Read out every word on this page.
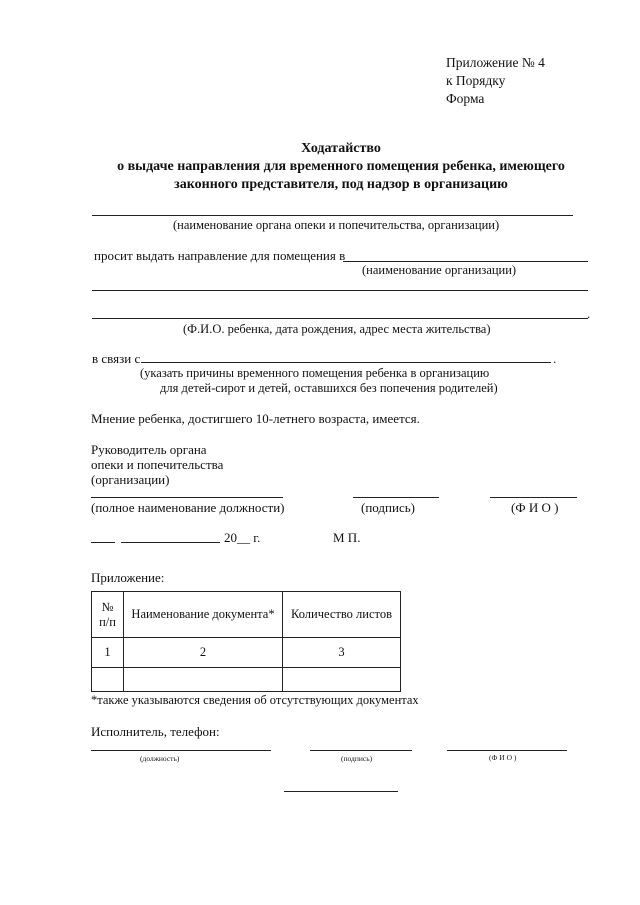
Приложение № 4
к Порядку
Форма
Ходатайство
о выдаче направления для временного помещения ребенка, имеющего
законного представителя, под надзор в организацию
(наименование органа опеки и попечительства, организации)
просит выдать направление для помещения в
(наименование организации)
.
(Ф.И.О. ребенка, дата рождения, адрес места жительства)
в связи с	.
(указать причины временного помещения ребенка в организацию
для детей-сирот и детей, оставшихся без попечения родителей)
Мнение ребенка, достигшего 10-летнего возраста, имеется.
Руководитель органа
опеки и попечительства
(организации)
(полное наименование должности)	(подпись)	(Ф И О )
20__ г.	М П.
Приложение:
№
п/п	Наименование документа*	Количество листов
1	2	3

*также указываются сведения об отсутствующих документах
Исполнитель, телефон:
(должность)	(подпись)	(Ф И О )
